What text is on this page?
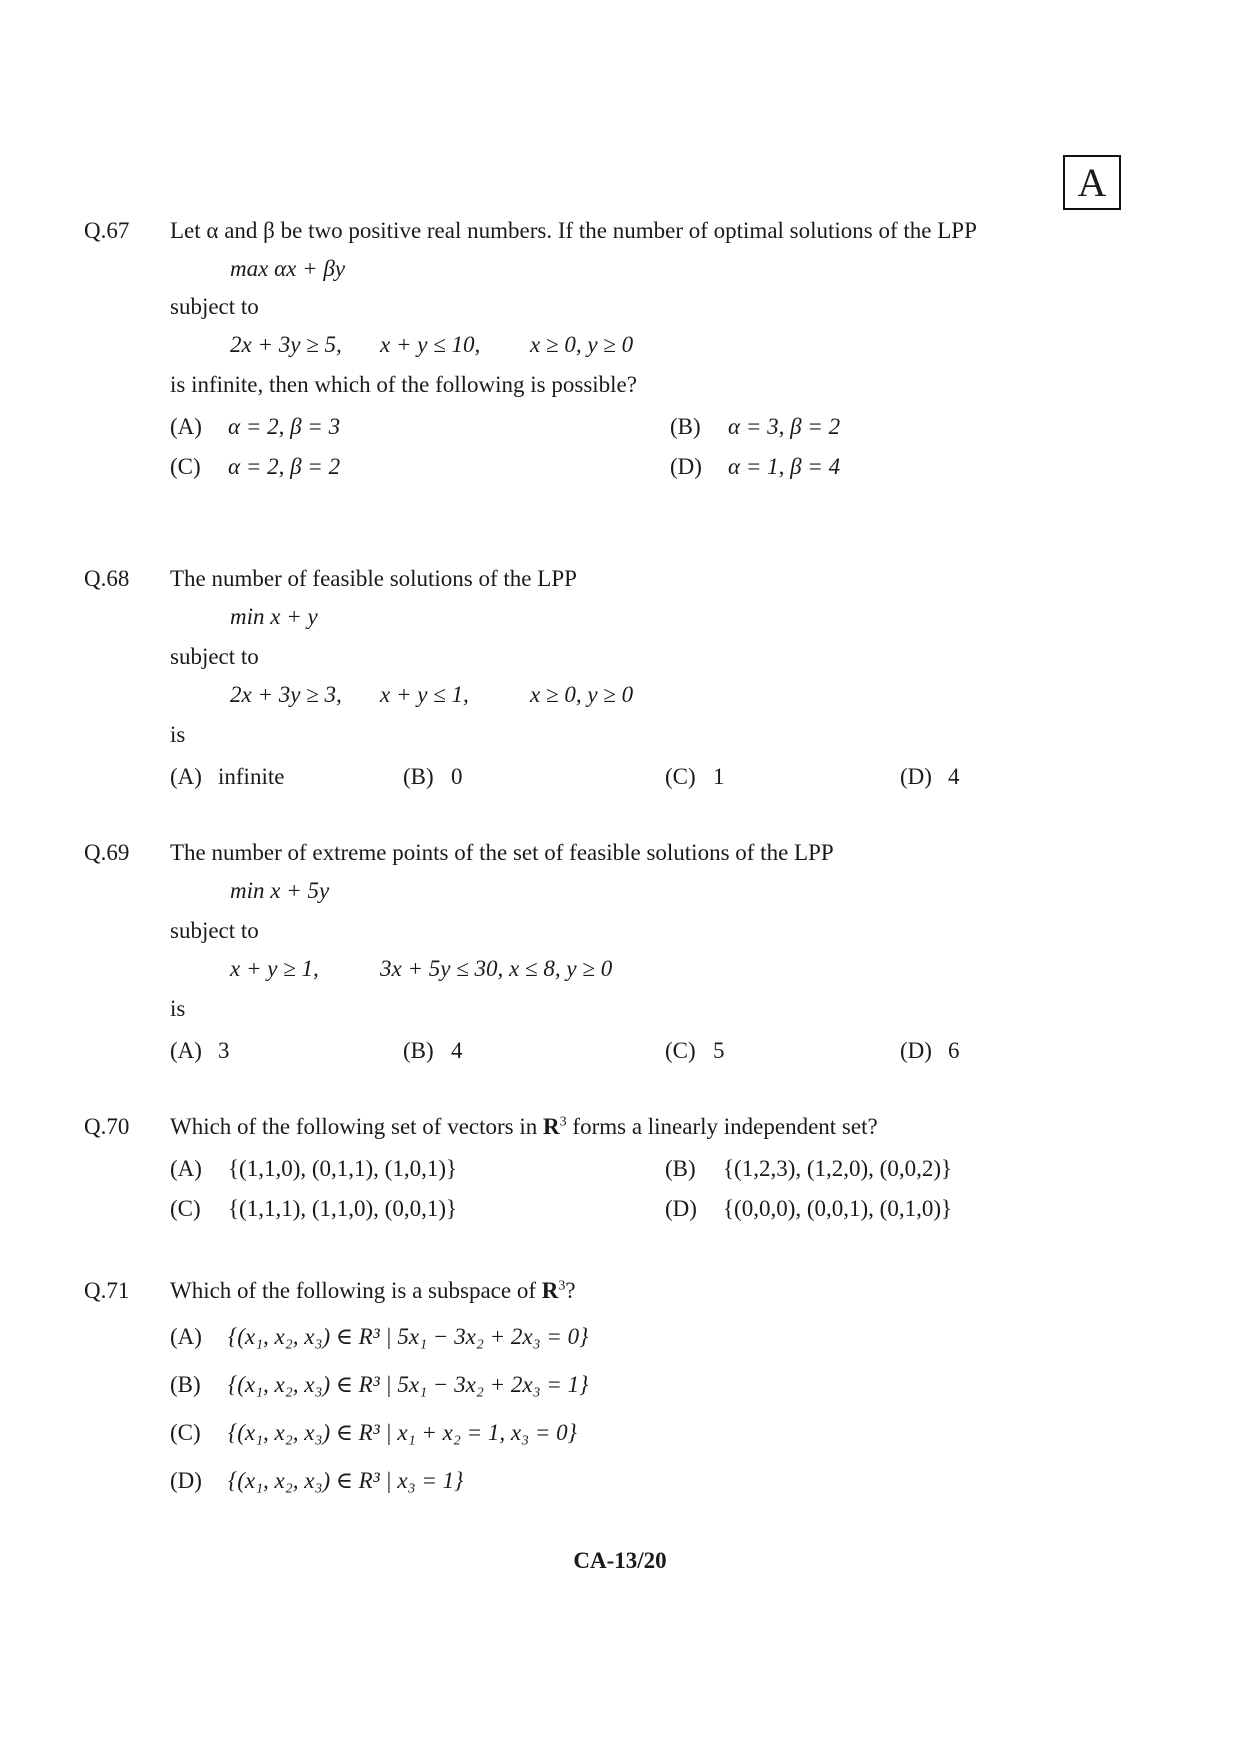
A
Q.67 Let α and β be two positive real numbers. If the number of optimal solutions of the LPP
max αx + βy
subject to
2x + 3y ≥ 5, x + y ≤ 10, x ≥ 0, y ≥ 0
is infinite, then which of the following is possible?
(A) α = 2, β = 3	(B) α = 3, β = 2
(C) α = 2, β = 2	(D) α = 1, β = 4
Q.68 The number of feasible solutions of the LPP
min x + y
subject to
2x + 3y ≥ 3, x + y ≤ 1,	x ≥ 0, y ≥ 0
is
(A) infinite	(B) 0	(C) 1	(D) 4
Q.69 The number of extreme points of the set of feasible solutions of the LPP
min x + 5y
subject to
x + y ≥ 1,	3x + 5y ≤ 30, x ≤ 8, y ≥ 0
is
(A) 3	(B) 4	(C) 5	(D) 6
Q.70 Which of the following set of vectors in $R^3$ forms a linearly independent set?
(A) {(1,1,0), (0,1,1), (1,0,1)}	(B) {(1,2,3), (1,2,0), (0,0,2)}
(C) {(1,1,1), (1,1,0), (0,0,1)}	(D) {(0,0,0), (0,0,1), (0,1,0)}
Q.71 Which of the following is a subspace of $R^3$?
(A) {(x₁, x₂, x₃) ∈ R³ | 5x₁ − 3x₂ + 2x₃ = 0}
(B) {(x₁, x₂, x₃) ∈ R³ | 5x₁ − 3x₂ + 2x₃ = 1}
(C) {(x₁, x₂, x₃) ∈ R³ | x₁ + x₂ = 1, x₃ = 0}
(D) {(x₁, x₂, x₃) ∈ R³ | x₃ = 1}
CA-13/20
